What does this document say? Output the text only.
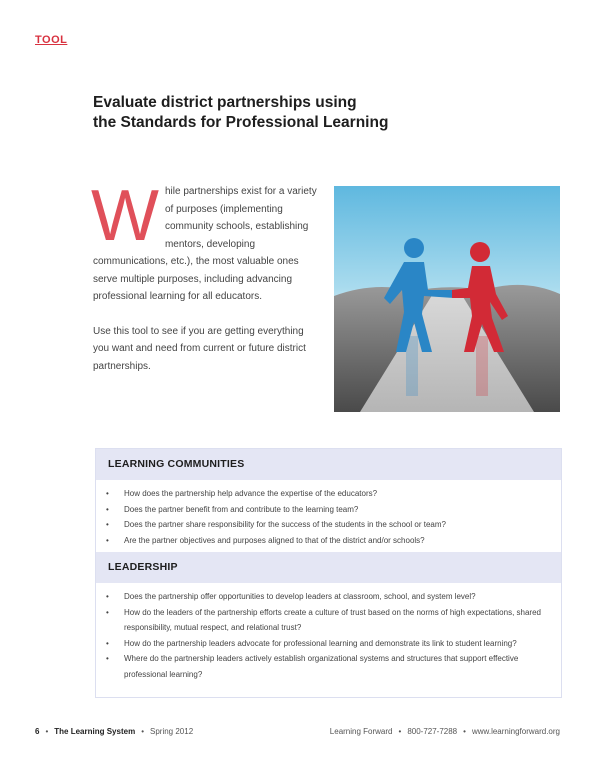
TOOL
Evaluate district partnerships using
the Standards for Professional Learning

While partnerships exist for a variety of purposes (implementing community schools, establishing mentors, developing communications, etc.), the most valuable ones serve multiple purposes, including advancing professional learning for all educators.

Use this tool to see if you are getting everything you want and need from current or future district partnerships.

LEARNING COMMUNITIES
• How does the partnership help advance the expertise of the educators?
• Does the partner benefit from and contribute to the learning team?
• Does the partner share responsibility for the success of the students in the school or team?
• Are the partner objectives and purposes aligned to that of the district and/or schools?
LEADERSHIP
• Does the partnership offer opportunities to develop leaders at classroom, school, and system level?
• How do the leaders of the partnership efforts create a culture of trust based on the norms of high expectations, shared responsibility, mutual respect, and relational trust?
• How do the partnership leaders advocate for professional learning and demonstrate its link to student learning?
• Where do the partnership leaders actively establish organizational systems and structures that support effective professional learning?
6 • The Learning System • Spring 2012	Learning Forward • 800-727-7288 • www.learningforward.org
